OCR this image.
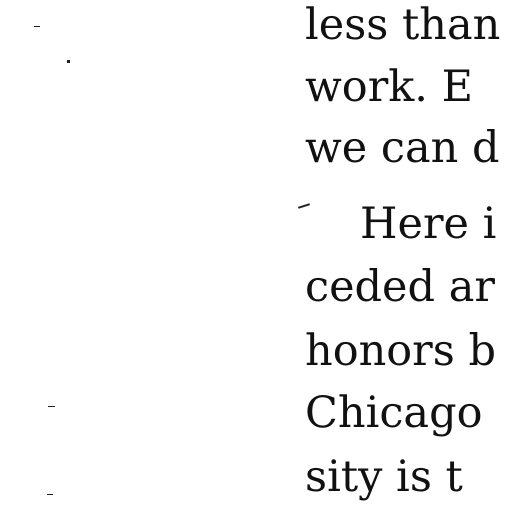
less than

work. E

we can d

Here i

ceded ar

honors b

Chicago

sity is t
